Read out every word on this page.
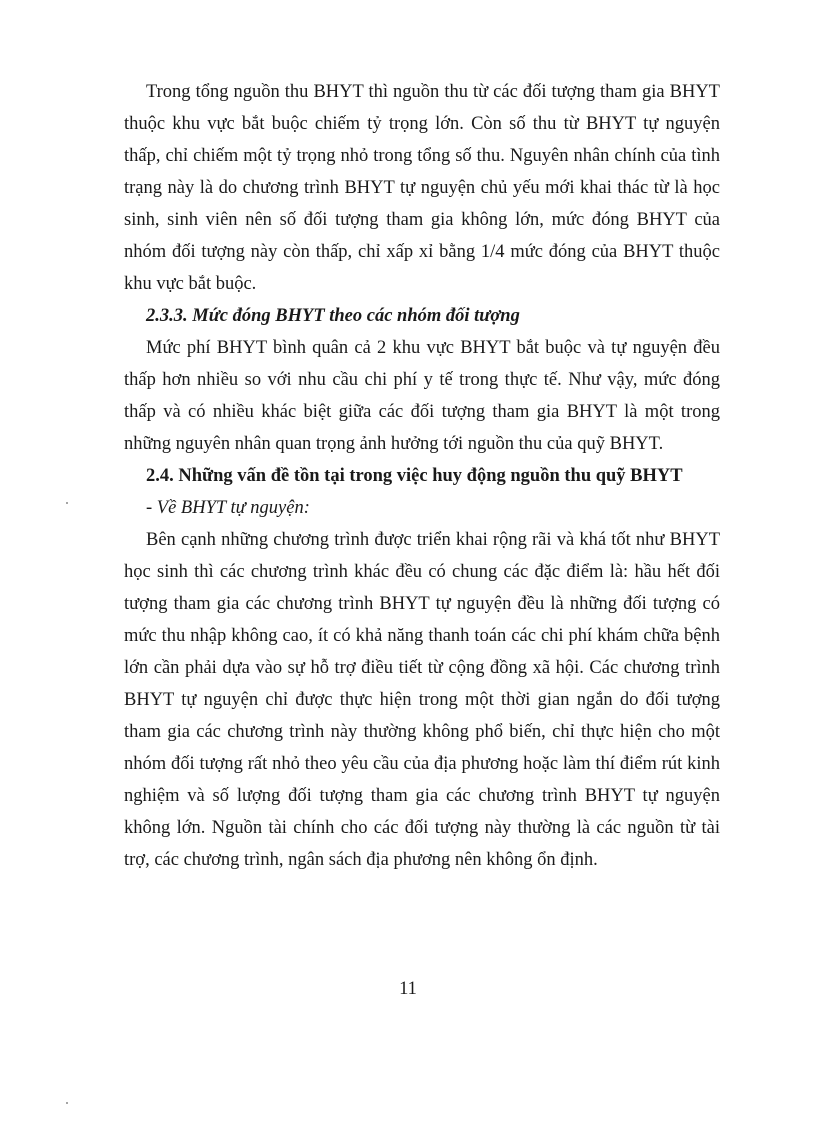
Trong tổng nguồn thu BHYT thì nguồn thu từ các đối tượng tham gia BHYT thuộc khu vực bắt buộc chiếm tỷ trọng lớn. Còn số thu từ BHYT tự nguyện thấp, chỉ chiếm một tỷ trọng nhỏ trong tổng số thu. Nguyên nhân chính của tình trạng này là do chương trình BHYT tự nguyện chủ yếu mới khai thác từ là học sinh, sinh viên nên số đối tượng tham gia không lớn, mức đóng BHYT của nhóm đối tượng này còn thấp, chỉ xấp xỉ bằng 1/4 mức đóng của BHYT thuộc khu vực bắt buộc.

2.3.3. Mức đóng BHYT theo các nhóm đối tượng

Mức phí BHYT bình quân cả 2 khu vực BHYT bắt buộc và tự nguyện đều thấp hơn nhiều so với nhu cầu chi phí y tế trong thực tế. Như vậy, mức đóng thấp và có nhiều khác biệt giữa các đối tượng tham gia BHYT là một trong những nguyên nhân quan trọng ảnh hưởng tới nguồn thu của quỹ BHYT.

2.4. Những vấn đề tồn tại trong việc huy động nguồn thu quỹ BHYT

- Về BHYT tự nguyện:

Bên cạnh những chương trình được triển khai rộng rãi và khá tốt như BHYT học sinh thì các chương trình khác đều có chung các đặc điểm là: hầu hết đối tượng tham gia các chương trình BHYT tự nguyện đều là những đối tượng có mức thu nhập không cao, ít có khả năng thanh toán các chi phí khám chữa bệnh lớn cần phải dựa vào sự hỗ trợ điều tiết từ cộng đồng xã hội. Các chương trình BHYT tự nguyện chỉ được thực hiện trong một thời gian ngắn do đối tượng tham gia các chương trình này thường không phổ biến, chỉ thực hiện cho một nhóm đối tượng rất nhỏ theo yêu cầu của địa phương hoặc làm thí điểm rút kinh nghiệm và số lượng đối tượng tham gia các chương trình BHYT tự nguyện không lớn. Nguồn tài chính cho các đối tượng này thường là các nguồn từ tài trợ, các chương trình, ngân sách địa phương nên không ổn định.

11
